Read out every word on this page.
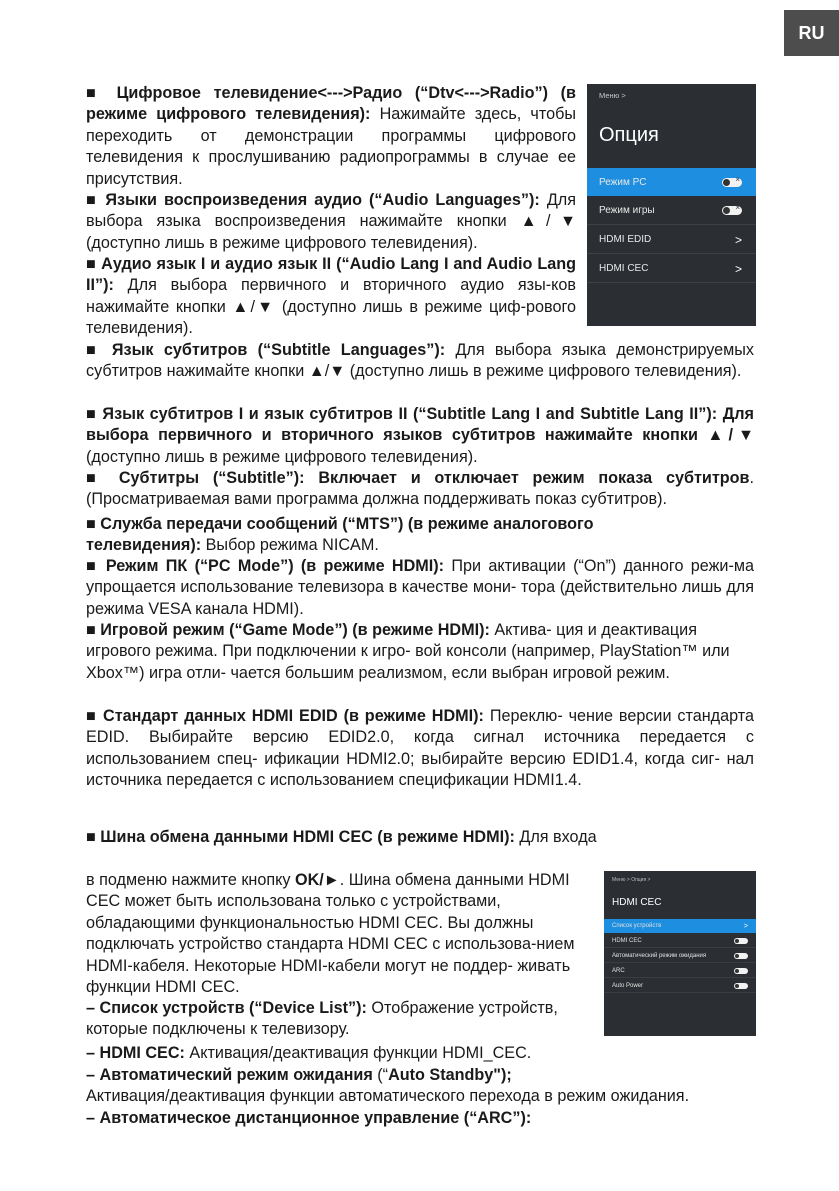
RU

■ Цифровое телевидение<--->Радио (“Dtv<--->Radio”) (в режиме цифрового телевидения): Нажимайте здесь, чтобы переходить от демонстрации программы цифрового телевидения к прослушиванию радиопрограммы в случае ее присутствия.

■ Языки воспроизведения аудио (“Audio Languages”): Для выбора языка воспроизведения нажимайте кнопки ▲/▼ (доступно лишь в режиме цифрового телевидения).

■ Аудио язык I и аудио язык II (“Audio Lang I and Audio Lang II”): Для выбора первичного и вторичного аудио язы-ков нажимайте кнопки ▲/▼ (доступно лишь в режиме циф-рового телевидения).

■ Язык субтитров (“Subtitle Languages”): Для выбора языка демонстрируемых субтитров нажимайте кнопки ▲/▼ (доступно лишь в режиме цифрового телевидения).

■ Язык субтитров I и язык субтитров II (“Subtitle Lang I and Subtitle Lang II”): Для выбора первичного и вторичного языков субтитров нажимайте кнопки ▲/▼ (доступно лишь в режиме цифрового телевидения).

■ Субтитры (“Subtitle”): Включает и отключает режим показа субтитров. (Просматриваемая вами программа должна поддерживать показ субтитров).

■ Служба передачи сообщений (“MTS”) (в режиме аналогового телевидения): Выбор режима NICAM.

■ Режим ПК (“PC Mode”) (в режиме HDMI): При активации (“On”) данного режи-ма упрощается использование телевизора в качестве мони- тора (действительно лишь для режима VESA канала HDMI).

■ Игровой режим (“Game Mode”) (в режиме HDMI): Актива- ция и деактивация игрового режима. При подключении к игро- вой консоли (например, PlayStation™ или Xbox™) игра отли- чается большим реализмом, если выбран игровой режим.

■ Стандарт данных HDMI EDID (в режиме HDMI): Переклю- чение версии стандарта EDID. Выбирайте версию EDID2.0, когда сигнал источника передается с использованием спец- ификации HDMI2.0; выбирайте версию EDID1.4, когда сиг- нал источника передается с использованием спецификации HDMI1.4.

■ Шина обмена данными HDMI CEC (в режиме HDMI): Для входа

в подменю нажмите кнопку OK/►. Шина обмена данными HDMI CEC может быть использована только с устройствами, обладающими функциональностью HDMI CEC. Вы должны подключать устройство стандарта HDMI CEC с использова-нием HDMI-кабеля. Некоторые HDMI-кабели могут не поддер- живать функции HDMI CEC.

– Список устройств (“Device List”): Отображение устройств, которые подключены к телевизору.

– HDMI CEC: Активация/деактивация функции HDMI_CEC.

– Автоматический режим ожидания (“Auto Standby");
Активация/деактивация функции автоматического перехода в режим ожидания.

– Автоматическое дистанционное управление (“ARC”):

Меню >
Опция
Режим PC
×
Режим игры
×
HDMI EDID	>
HDMI CEC	>
Меню > Опция >
HDMI CEC
Список устройств	>
HDMI CEC
×
Автоматический режим ожидания
×
ARC
×
Auto Power
×
